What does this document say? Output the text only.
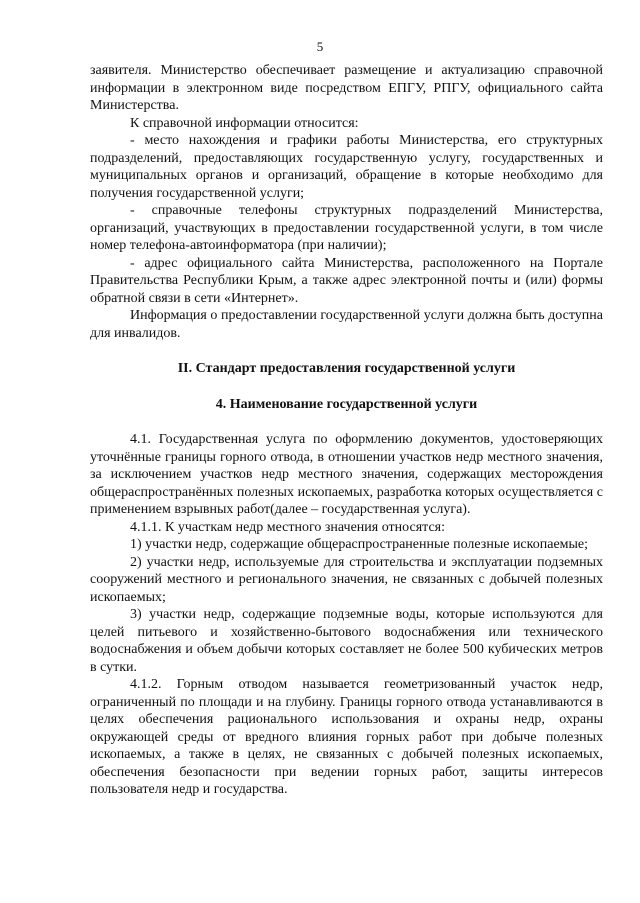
5

заявителя. Министерство обеспечивает размещение и актуализацию справочной информации в электронном виде посредством ЕПГУ, РПГУ, официального сайта Министерства.

К справочной информации относится:

- место нахождения и графики работы Министерства, его структурных подразделений, предоставляющих государственную услугу, государственных и муниципальных органов и организаций, обращение в которые необходимо для получения государственной услуги;

- справочные телефоны структурных подразделений Министерства, организаций, участвующих в предоставлении государственной услуги, в том числе номер телефона-автоинформатора (при наличии);

- адрес официального сайта Министерства, расположенного на Портале Правительства Республики Крым, а также адрес электронной почты и (или) формы обратной связи в сети «Интернет».

Информация о предоставлении государственной услуги должна быть доступна для инвалидов.

II. Стандарт предоставления государственной услуги

4. Наименование государственной услуги

4.1. Государственная услуга по оформлению документов, удостоверяющих уточнённые границы горного отвода, в отношении участков недр местного значения, за исключением участков недр местного значения, содержащих месторождения общераспространённых полезных ископаемых, разработка которых осуществляется с применением взрывных работ(далее – государственная услуга).

4.1.1. К участкам недр местного значения относятся:

1) участки недр, содержащие общераспространенные полезные ископаемые;

2) участки недр, используемые для строительства и эксплуатации подземных сооружений местного и регионального значения, не связанных с добычей полезных ископаемых;

3) участки недр, содержащие подземные воды, которые используются для целей питьевого и хозяйственно-бытового водоснабжения или технического водоснабжения и объем добычи которых составляет не более 500 кубических метров в сутки.

4.1.2. Горным отводом называется геометризованный участок недр, ограниченный по площади и на глубину. Границы горного отвода устанавливаются в целях обеспечения рационального использования и охраны недр, охраны окружающей среды от вредного влияния горных работ при добыче полезных ископаемых, а также в целях, не связанных с добычей полезных ископаемых, обеспечения безопасности при ведении горных работ, защиты интересов пользователя недр и государства.
